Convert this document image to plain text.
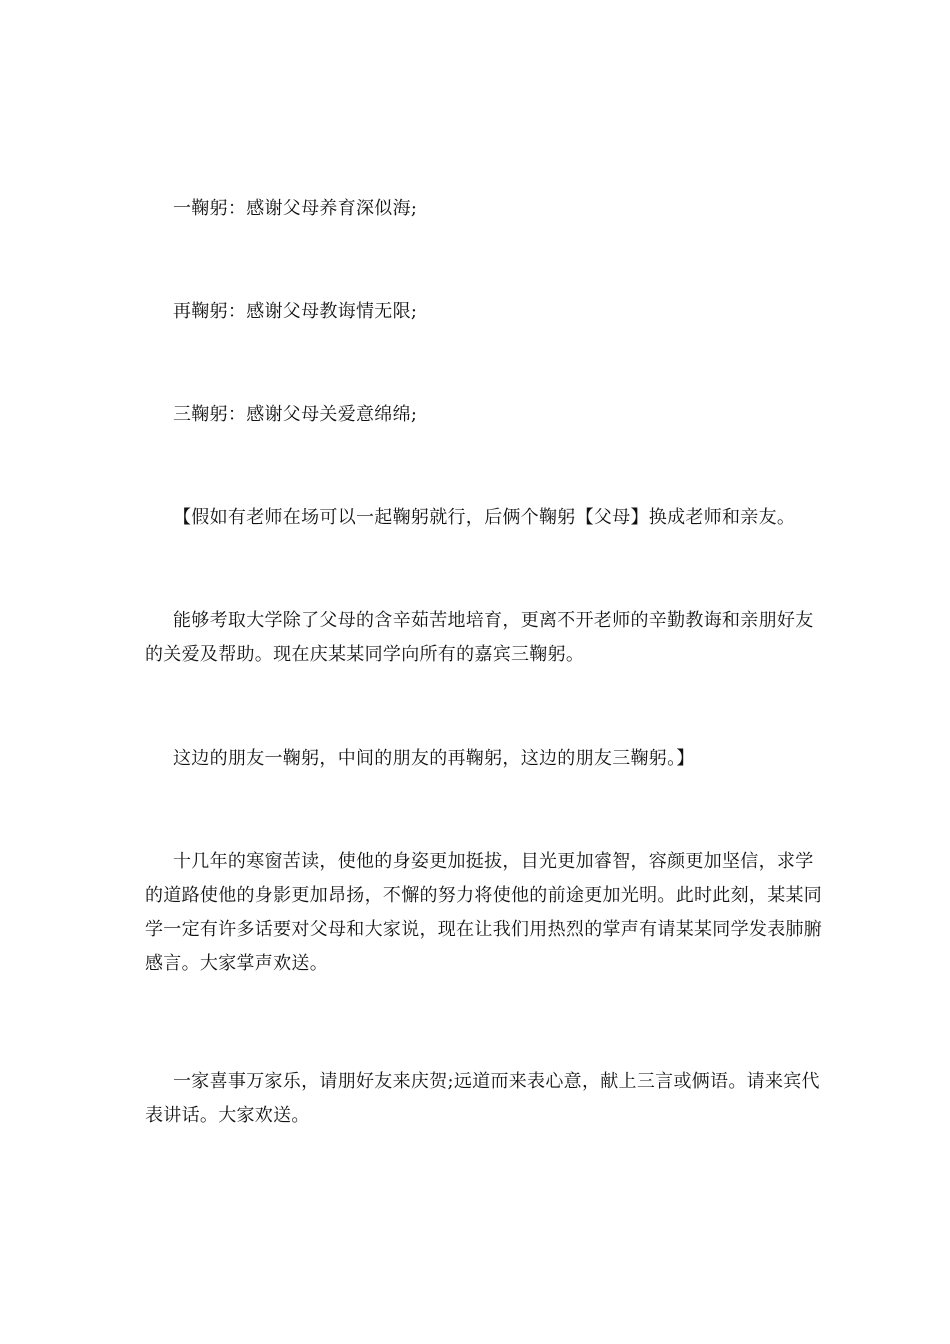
一鞠躬：感谢父母养育深似海;

再鞠躬：感谢父母教诲情无限;

三鞠躬：感谢父母关爱意绵绵;

【假如有老师在场可以一起鞠躬就行，后俩个鞠躬【父母】换成老师和亲友。

能够考取大学除了父母的含辛茹苦地培育，更离不开老师的辛勤教诲和亲朋好友的关爱及帮助。现在庆某某同学向所有的嘉宾三鞠躬。

这边的朋友一鞠躬，中间的朋友的再鞠躬，这边的朋友三鞠躬。】

十几年的寒窗苦读，使他的身姿更加挺拔，目光更加睿智，容颜更加坚信，求学的道路使他的身影更加昂扬，不懈的努力将使他的前途更加光明。此时此刻，某某同学一定有许多话要对父母和大家说，现在让我们用热烈的掌声有请某某同学发表肺腑感言。大家掌声欢送。

一家喜事万家乐，请朋好友来庆贺;远道而来表心意，献上三言或俩语。请来宾代表讲话。大家欢送。
